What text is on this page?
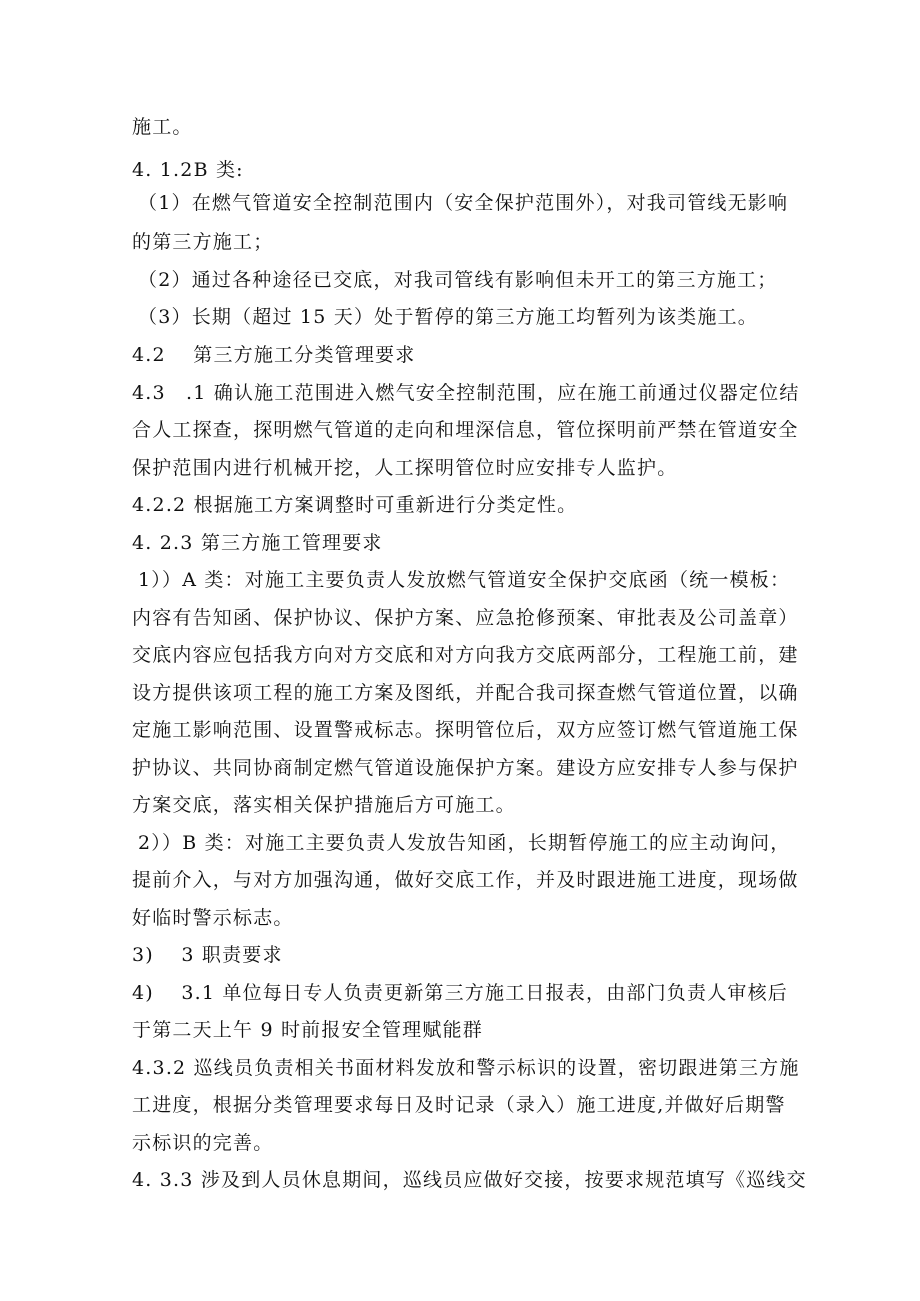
施工。
4. 1.2B 类:
（1）在燃气管道安全控制范围内（安全保护范围外），对我司管线无影响
的第三方施工；
（2）通过各种途径已交底，对我司管线有影响但未开工的第三方施工；
（3）长期（超过 15 天）处于暂停的第三方施工均暂列为该类施工。
4.2　 第三方施工分类管理要求
4.3　.1 确认施工范围进入燃气安全控制范围，应在施工前通过仪器定位结
合人工探查，探明燃气管道的走向和埋深信息，管位探明前严禁在管道安全
保护范围内进行机械开挖，人工探明管位时应安排专人监护。
4.2.2 根据施工方案调整时可重新进行分类定性。
4. 2.3 第三方施工管理要求
1））A 类：对施工主要负责人发放燃气管道安全保护交底函（统一模板：
内容有告知函、保护协议、保护方案、应急抢修预案、审批表及公司盖章）
交底内容应包括我方向对方交底和对方向我方交底两部分，工程施工前，建
设方提供该项工程的施工方案及图纸，并配合我司探查燃气管道位置，以确
定施工影响范围、设置警戒标志。探明管位后，双方应签订燃气管道施工保
护协议、共同协商制定燃气管道设施保护方案。建设方应安排专人参与保护
方案交底，落实相关保护措施后方可施工。
2））B 类：对施工主要负责人发放告知函，长期暂停施工的应主动询问，
提前介入，与对方加强沟通，做好交底工作，并及时跟进施工进度，现场做
好临时警示标志。
3)　 3 职责要求
4)　 3.1 单位每日专人负责更新第三方施工日报表，由部门负责人审核后
于第二天上午 9 时前报安全管理赋能群
4.3.2 巡线员负责相关书面材料发放和警示标识的设置，密切跟进第三方施
工进度，根据分类管理要求每日及时记录（录入）施工进度,并做好后期警
示标识的完善。
4. 3.3 涉及到人员休息期间，巡线员应做好交接，按要求规范填写《巡线交
